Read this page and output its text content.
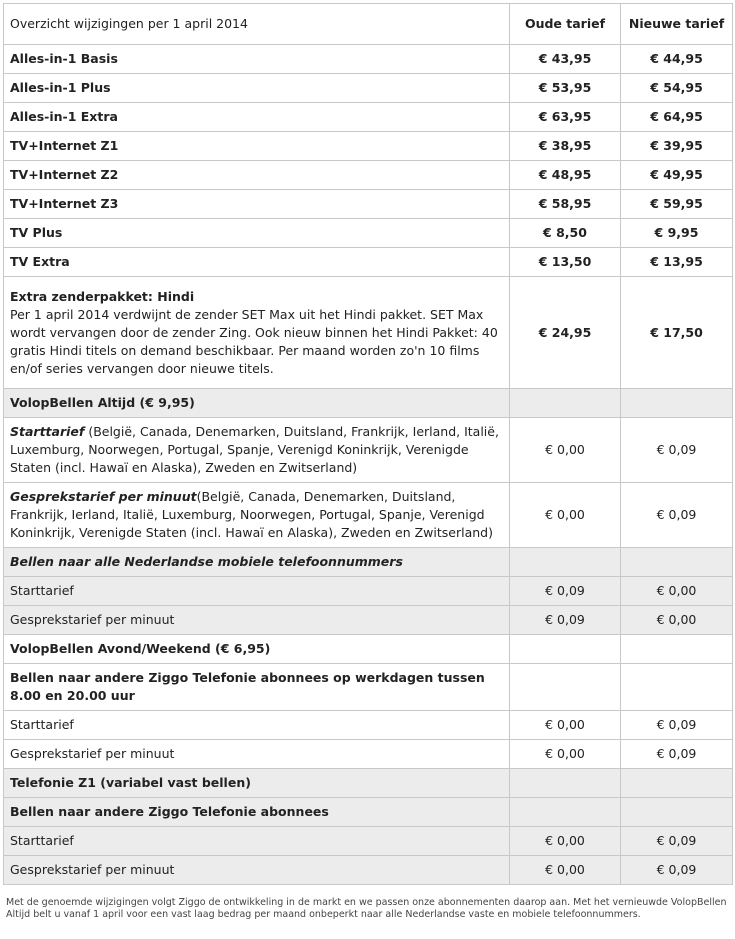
Overzicht wijzigingen per 1 april 2014	Oude tarief	Nieuwe tarief
Alles-in-1 Basis	€ 43,95	€ 44,95
Alles-in-1 Plus	€ 53,95	€ 54,95
Alles-in-1 Extra	€ 63,95	€ 64,95
TV+Internet Z1	€ 38,95	€ 39,95
TV+Internet Z2	€ 48,95	€ 49,95
TV+Internet Z3	€ 58,95	€ 59,95
TV Plus	€ 8,50	€ 9,95
TV Extra	€ 13,50	€ 13,95

Extra zenderpakket: Hindi
Per 1 april 2014 verdwijnt de zender SET Max uit het Hindi pakket. SET Max wordt vervangen door de zender Zing. Ook nieuw binnen het Hindi Pakket: 40 gratis Hindi titels on demand beschikbaar. Per maand worden zo'n 10 films en/of series vervangen door nieuwe titels.	€ 24,95	€ 17,50
VolopBellen Altijd (€ 9,95)		
Starttarief (België, Canada, Denemarken, Duitsland, Frankrijk, Ierland, Italië, Luxemburg, Noorwegen, Portugal, Spanje, Verenigd Koninkrijk, Verenigde Staten (incl. Hawaï en Alaska), Zweden en Zwitserland)	€ 0,00	€ 0,09
Gesprekstarief per minuut(België, Canada, Denemarken, Duitsland, Frankrijk, Ierland, Italië, Luxemburg, Noorwegen, Portugal, Spanje, Verenigd Koninkrijk, Verenigde Staten (incl. Hawaï en Alaska), Zweden en Zwitserland)	€ 0,00	€ 0,09
Bellen naar alle Nederlandse mobiele telefoonnummers		
Starttarief	€ 0,09	€ 0,00
Gesprekstarief per minuut	€ 0,09	€ 0,00
VolopBellen Avond/Weekend (€ 6,95)		
Bellen naar andere Ziggo Telefonie abonnees op werkdagen tussen 8.00 en 20.00 uur		
Starttarief	€ 0,00	€ 0,09
Gesprekstarief per minuut	€ 0,00	€ 0,09
Telefonie Z1 (variabel vast bellen)		
Bellen naar andere Ziggo Telefonie abonnees		
Starttarief	€ 0,00	€ 0,09
Gesprekstarief per minuut	€ 0,00	€ 0,09
Met de genoemde wijzigingen volgt Ziggo de ontwikkeling in de markt en we passen onze abonnementen daarop aan. Met het vernieuwde VolopBellen Altijd belt u vanaf 1 april voor een vast laag bedrag per maand onbeperkt naar alle Nederlandse vaste en mobiele telefoonnummers.
